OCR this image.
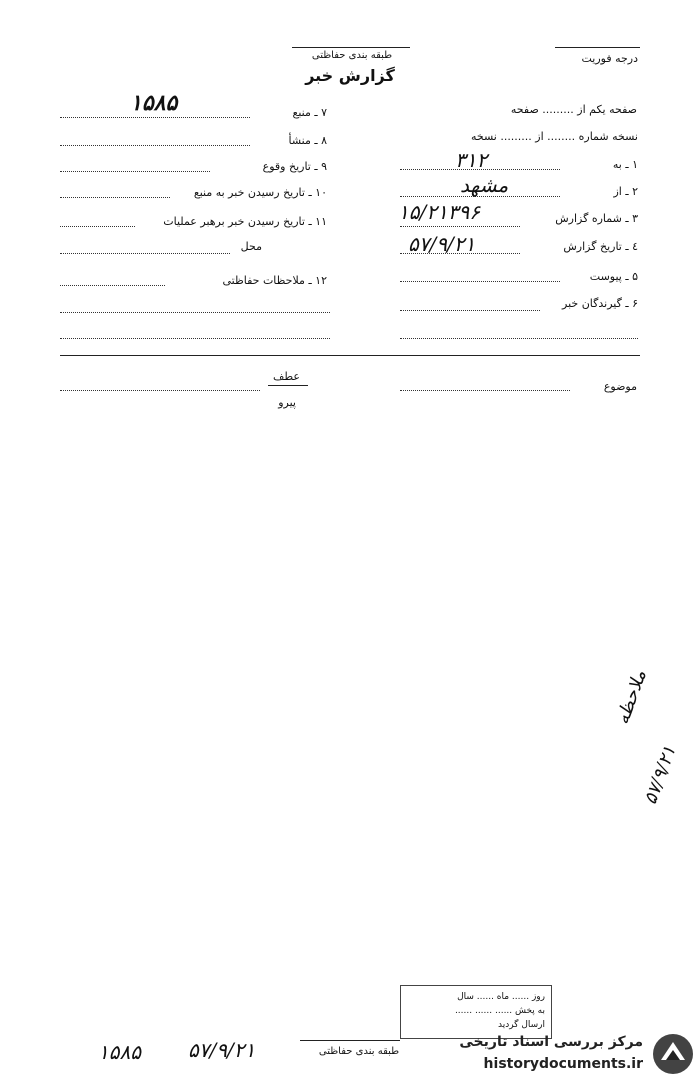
طبقه بندی حفاظتی
گزارش خبر
درجه فوریت
صفحه یکم از ......... صفحه
نسخه شماره ........ از ......... نسخه
۷ ـ منبع
۱۵۸۵
۸ ـ منشأ
۹ ـ تاریخ وقوع
۱۰ ـ تاریخ رسیدن خبر به منبع
۱۱ ـ تاریخ رسیدن خبر برهبر عملیات
محل
۱۲ ـ ملاحظات حفاظتی
۱ ـ به
۳۱۲
۲ ـ از
مشهد
۳ ـ شماره گزارش
۱۵/۲۱۳۹۶
٤ ـ تاریخ گزارش
۵۷/۹/۲۱
۵ ـ پیوست
۶ ـ گیرندگان خبر
عطف
پیرو
موضوع
ملاحظه
۵۷/۹/۲۱
روز ...... ماه ...... سال
به پخش ...... ...... ......
ارسال گردید
طبقه بندی حفاظتی
۵۷/۹/۲۱
۱۵۸۵	مرکز بررسی اسناد تاریخی
historydocuments.ir
